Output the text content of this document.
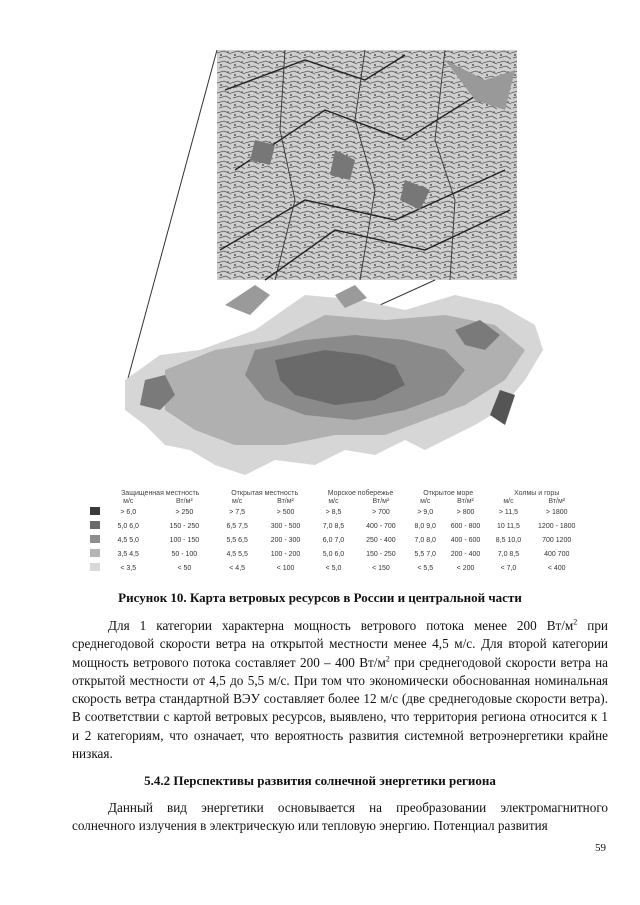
	Защищенная местность		Открытая местность		Морское побережье		Открытое море		Холмы и горы	
	м/с	Вт/м²	м/с	Вт/м²	м/с	Вт/м²	м/с	Вт/м²	м/с	Вт/м²
	> 6,0	> 250	> 7,5	> 500	> 8,5	> 700	> 9,0	> 800	> 11,5	> 1800
	5,0 6,0	150 - 250	6,5 7,5	300 - 500	7,0 8,5	400 - 700	8,0 9,0	600 - 800	10 11,5	1200 - 1800
	4,5 5,0	100 - 150	5,5 6,5	200 - 300	6,0 7,0	250 - 400	7,0 8,0	400 - 600	8,5 10,0	700 1200
	3,5 4,5	50 - 100	4,5 5,5	100 - 200	5,0 6,0	150 - 250	5,5 7,0	200 - 400	7,0 8,5	400 700
	< 3,5	< 50	< 4,5	< 100	< 5,0	< 150	< 5,5	< 200	< 7,0	< 400
Рисунок 10. Карта ветровых ресурсов в России и центральной части

Для 1 категории характерна мощность ветрового потока менее 200 $Вт/м^2$ при среднегодовой скорости ветра на открытой местности менее 4,5 м/с. Для второй категории мощность ветрового потока составляет 200 – 400 $Вт/м^2$ при среднегодовой скорости ветра на открытой местности от 4,5 до 5,5 м/с. При том что экономически обоснованная номинальная скорость ветра стандартной ВЭУ составляет более 12 м/с (две среднегодовые скорости ветра). В соответствии с картой ветровых ресурсов, выявлено, что территория региона относится к 1 и 2 категориям, что означает, что вероятность развития системной ветроэнергетики крайне низкая.

5.4.2 Перспективы развития солнечной энергетики региона

Данный вид энергетики основывается на преобразовании электромагнитного солнечного излучения в электрическую или тепловую энергию. Потенциал развития

59
